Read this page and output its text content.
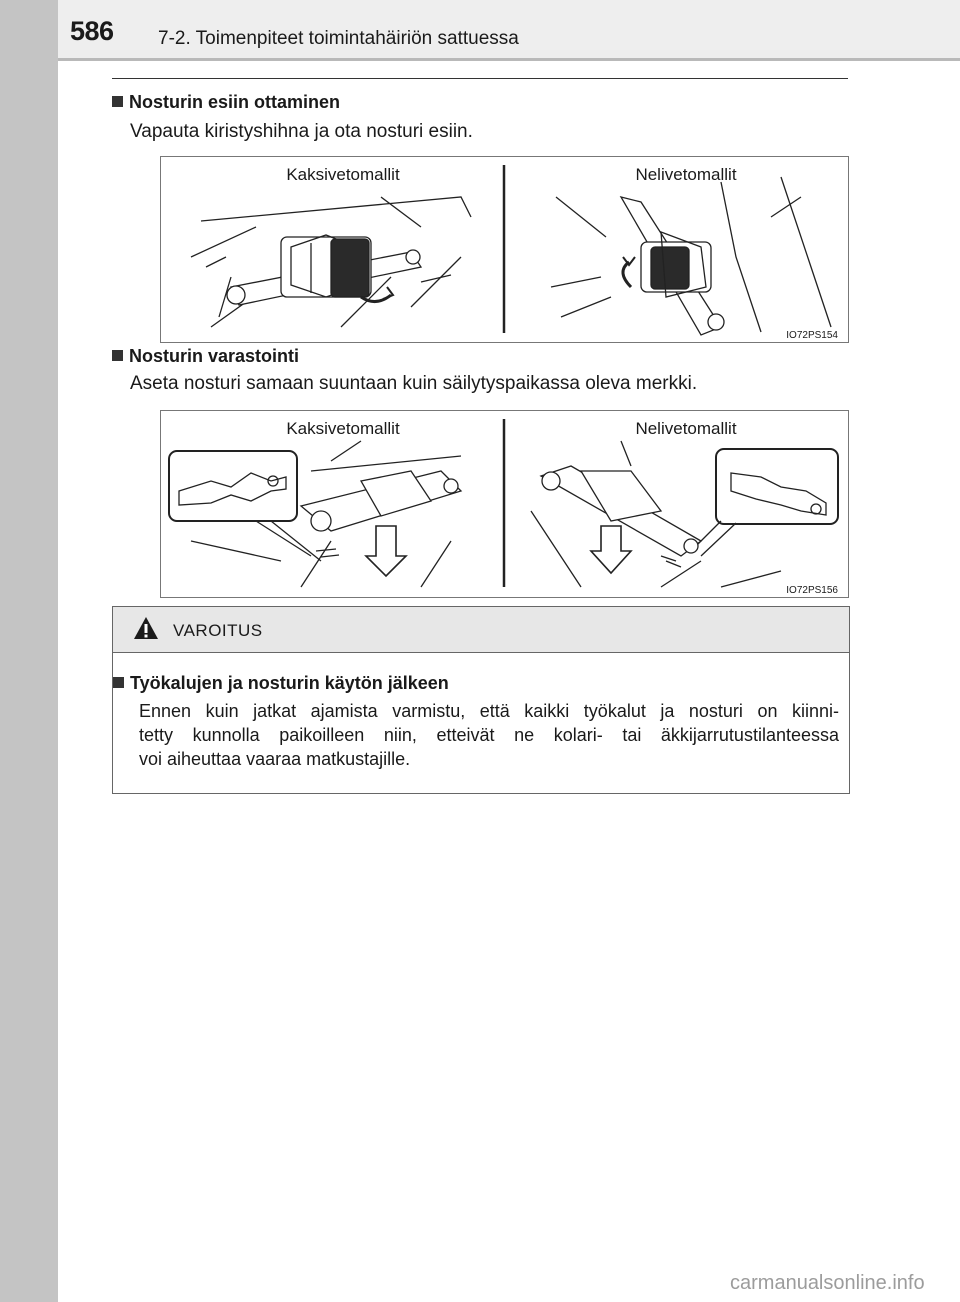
586 7-2. Toimenpiteet toimintahäiriön sattuessa
Nosturin esiin ottaminen
Vapauta kiristyshihna ja ota nosturi esiin.
Kaksivetomallit	Nelivetomallit
IO72PS154
Nosturin varastointi
Aseta nosturi samaan suuntaan kuin säilytyspaikassa oleva merkki.
Kaksivetomallit	Nelivetomallit
IO72PS156
VAROITUS
Työkalujen ja nosturin käytön jälkeen
Ennen kuin jatkat ajamista varmistu, että kaikki työkalut ja nosturi on kiinni-
tetty kunnolla paikoilleen niin, etteivät ne kolari- tai äkkijarrutustilanteessa
voi aiheuttaa vaaraa matkustajille.
carmanualsonline.info
